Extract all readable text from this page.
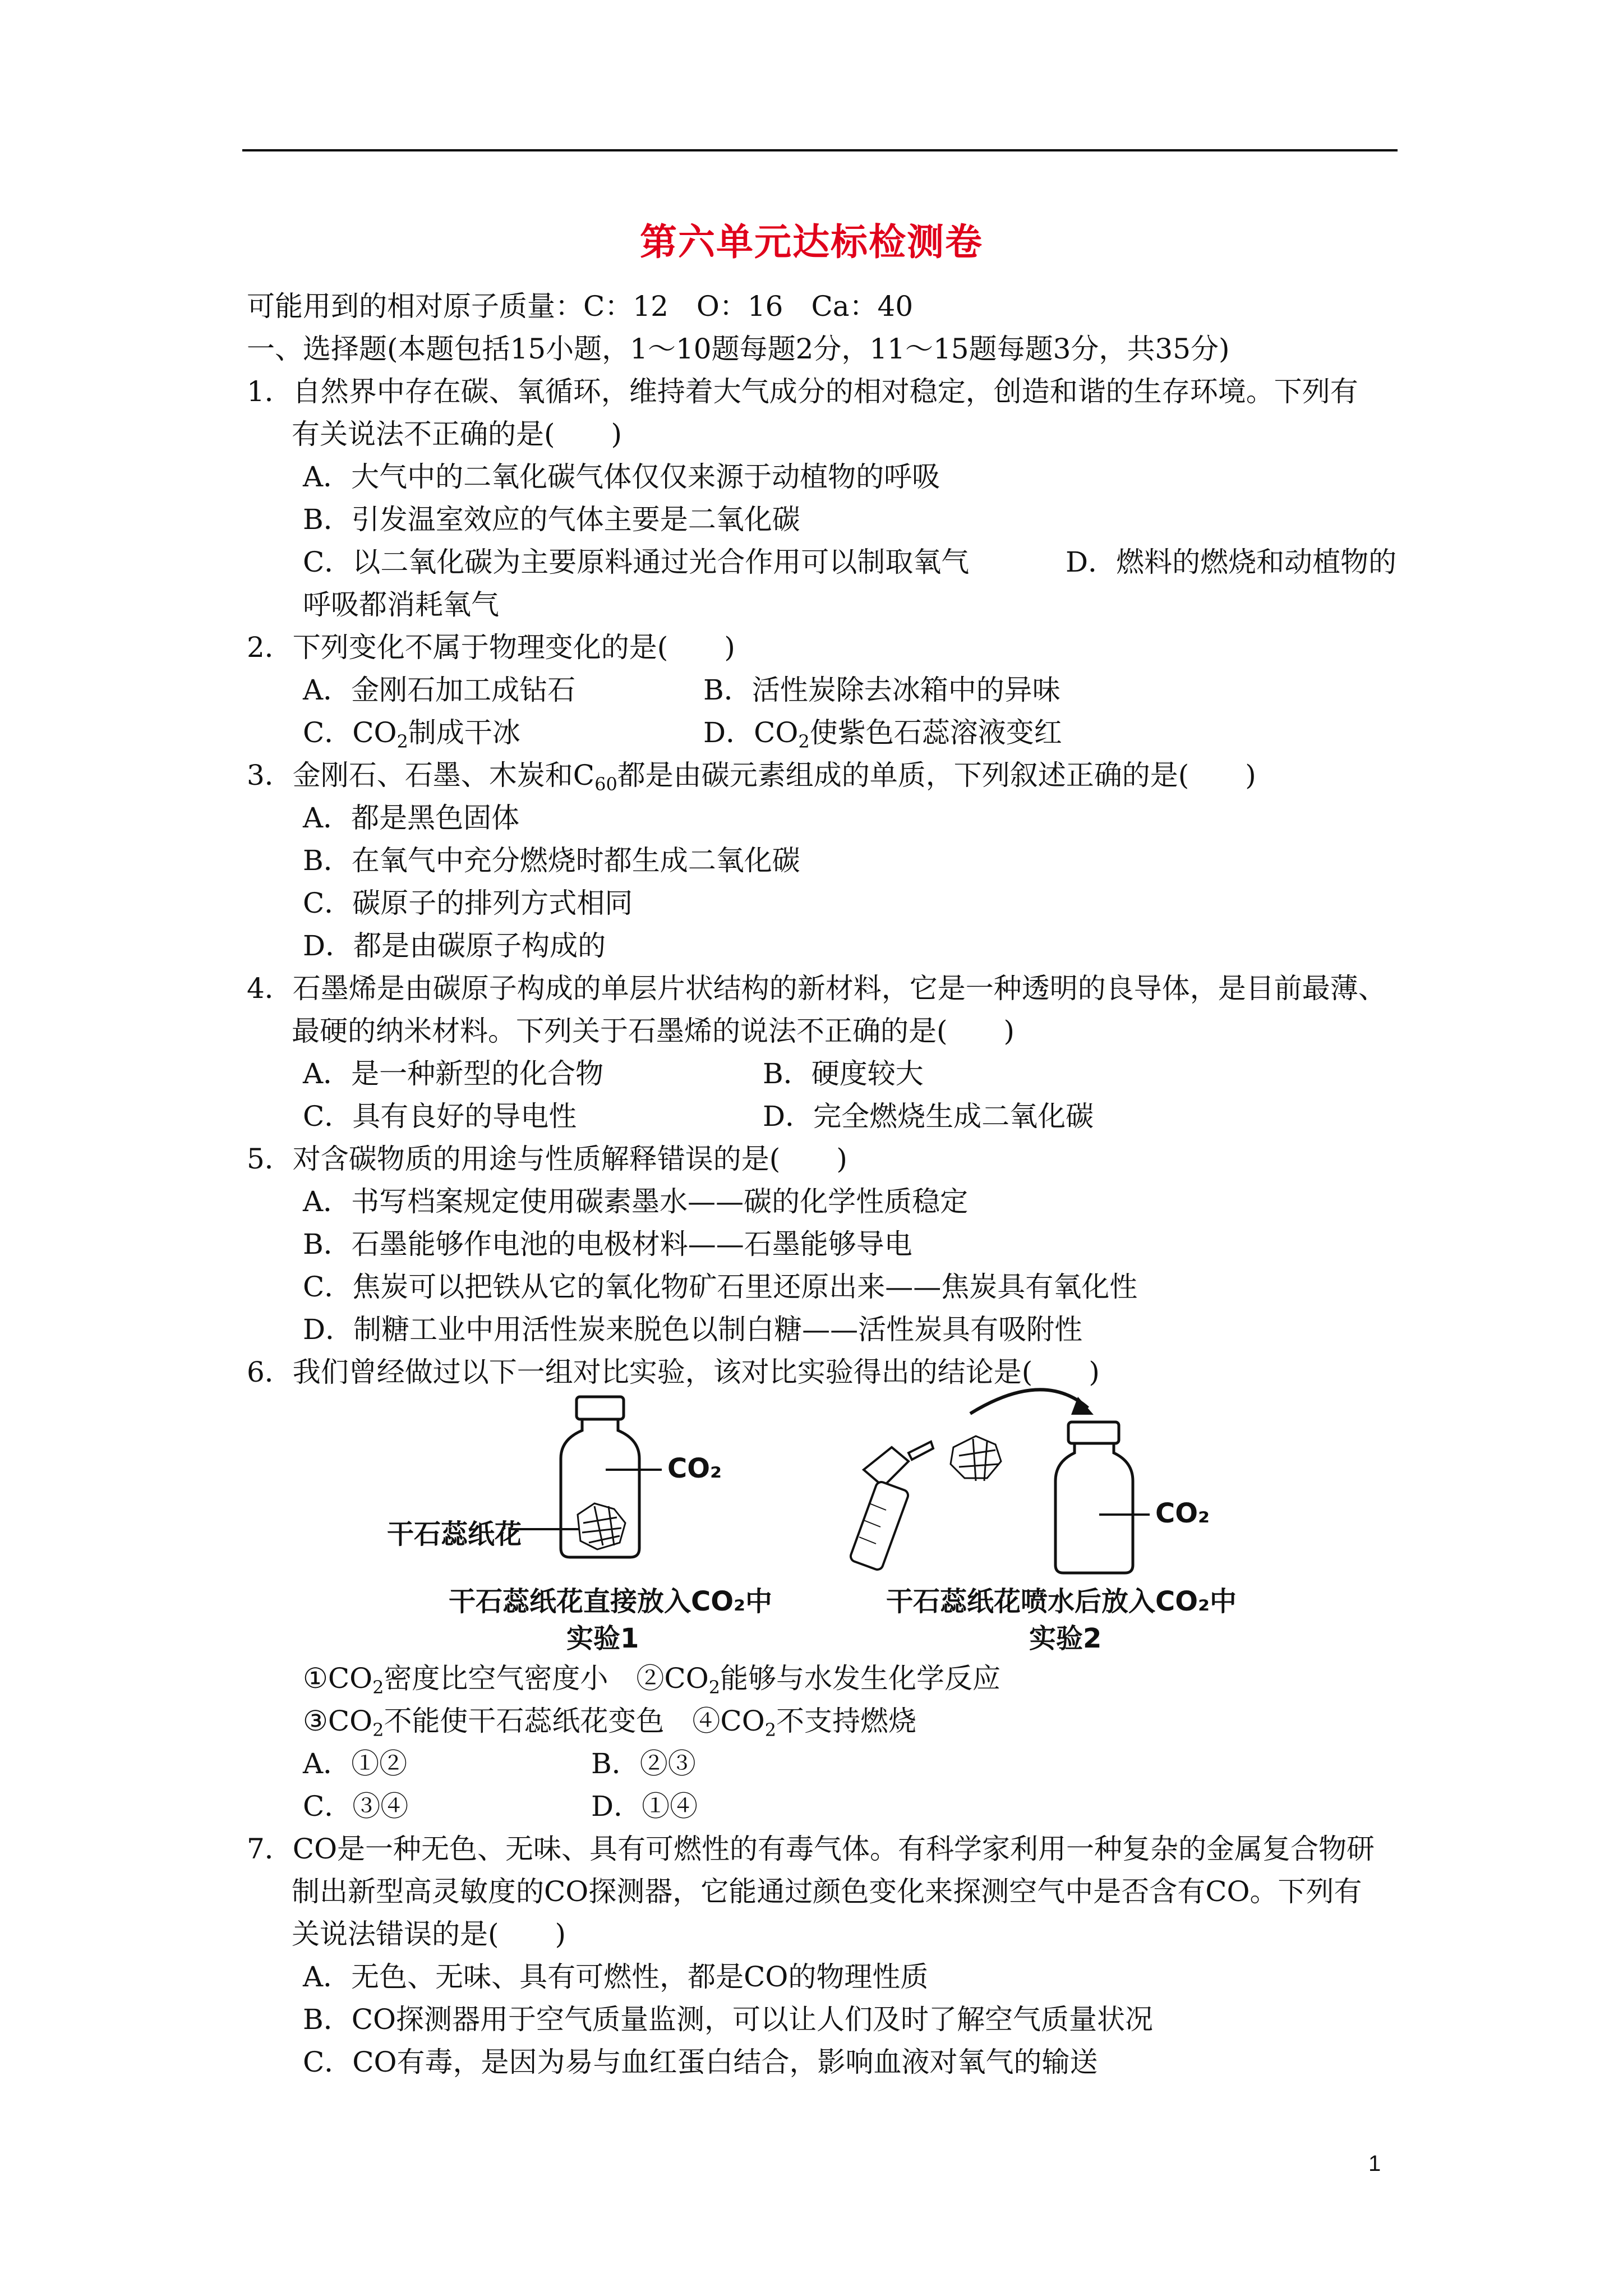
第六单元达标检测卷
可能用到的相对原子质量：C：12　O：16　Ca：40
一、选择题(本题包括15小题，1～10题每题2分，11～15题每题3分，共35分)
1．自然界中存在碳、氧循环，维持着大气成分的相对稳定，创造和谐的生存环境。下列有
有关说法不正确的是(　　)
A．大气中的二氧化碳气体仅仅来源于动植物的呼吸
B．引发温室效应的气体主要是二氧化碳
C．以二氧化碳为主要原料通过光合作用可以制取氧气	D．燃料的燃烧和动植物的
呼吸都消耗氧气
2．下列变化不属于物理变化的是(　　)
A．金刚石加工成钻石	B．活性炭除去冰箱中的异味
C．$CO_2$制成干冰	D．$CO_2$使紫色石蕊溶液变红
3．金刚石、石墨、木炭和$C_{60}$都是由碳元素组成的单质，下列叙述正确的是(　　)
A．都是黑色固体
B．在氧气中充分燃烧时都生成二氧化碳
C．碳原子的排列方式相同
D．都是由碳原子构成的
4．石墨烯是由碳原子构成的单层片状结构的新材料，它是一种透明的良导体，是目前最薄、
最硬的纳米材料。下列关于石墨烯的说法不正确的是(　　)
A．是一种新型的化合物	B．硬度较大
C．具有良好的导电性	D．完全燃烧生成二氧化碳
5．对含碳物质的用途与性质解释错误的是(　　)
A．书写档案规定使用碳素墨水——碳的化学性质稳定
B．石墨能够作电池的电极材料——石墨能够导电
C．焦炭可以把铁从它的氧化物矿石里还原出来——焦炭具有氧化性
D．制糖工业中用活性炭来脱色以制白糖——活性炭具有吸附性
6．我们曾经做过以下一组对比实验，该对比实验得出的结论是(　　)
CO₂
干石蕊纸花
CO₂
干石蕊纸花直接放入CO₂中
实验1
干石蕊纸花喷水后放入CO₂中
实验2
$①CO_2$密度比空气密度小　$②CO_2$能够与水发生化学反应
$③CO_2$不能使干石蕊纸花变色　$④CO_2$不支持燃烧
A．①②	B．②③
C．③④	D．①④
7．CO是一种无色、无味、具有可燃性的有毒气体。有科学家利用一种复杂的金属复合物研
制出新型高灵敏度的CO探测器，它能通过颜色变化来探测空气中是否含有CO。下列有
关说法错误的是(　　)
A．无色、无味、具有可燃性，都是CO的物理性质
B．CO探测器用于空气质量监测，可以让人们及时了解空气质量状况
C．CO有毒，是因为易与血红蛋白结合，影响血液对氧气的输送
1
